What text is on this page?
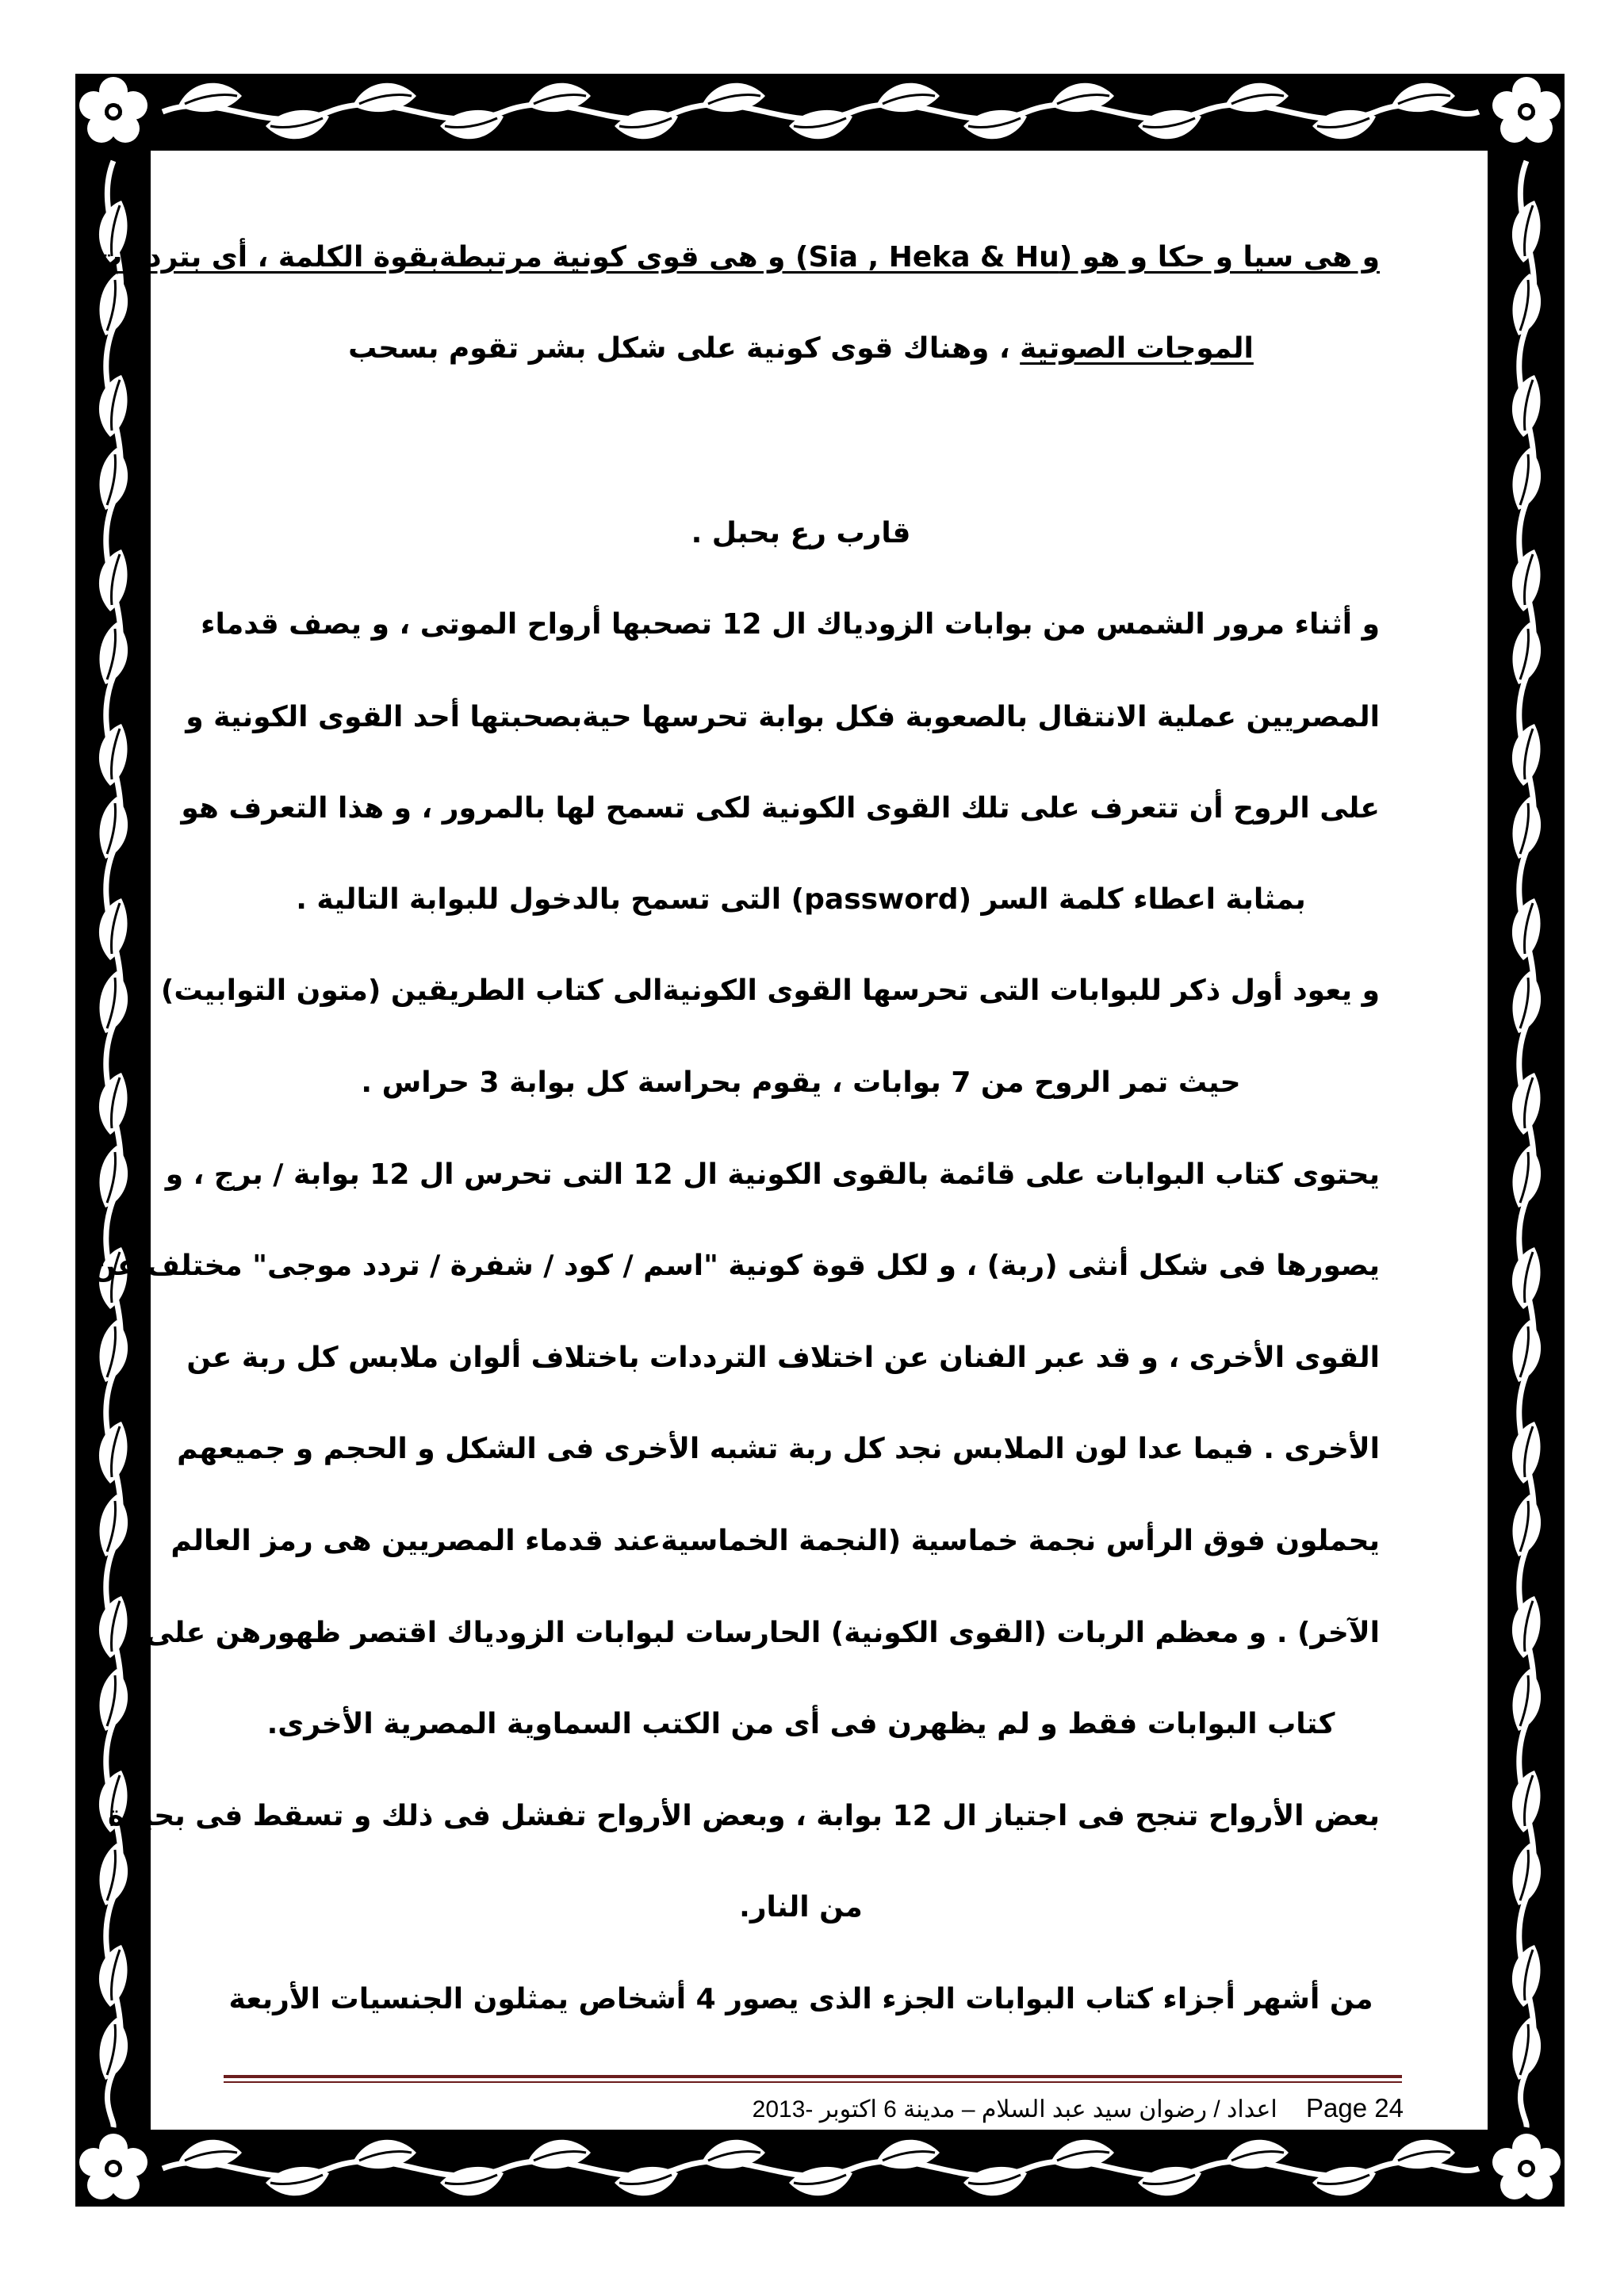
و هى سيا و حكا و هو (Sia , Heka & Hu) و هى قوى كونية مرتبطةبقوة الكلمة ، أى بترددات
الموجات الصوتية ، وهناك قوى كونية على شكل بشر تقوم بسحب
قارب رع بحبل .
و أثناء مرور الشمس من بوابات الزودياك ال 12 تصحبها أرواح الموتى ، و يصف قدماء
المصريين عملية الانتقال بالصعوبة فكل بوابة تحرسها حيةبصحبتها أحد القوى الكونية و
على الروح أن تتعرف على تلك القوى الكونية لكى تسمح لها بالمرور ، و هذا التعرف هو
بمثابة اعطاء كلمة السر (password) التى تسمح بالدخول للبوابة التالية .
و يعود أول ذكر للبوابات التى تحرسها القوى الكونيةالى كتاب الطريقين (متون التوابيت)
حيث تمر الروح من 7 بوابات ، يقوم بحراسة كل بوابة 3 حراس .
يحتوى كتاب البوابات على قائمة بالقوى الكونية ال 12 التى تحرس ال 12 بوابة / برج ، و
يصورها فى شكل أنثى (ربة) ، و لكل قوة كونية "اسم / كود / شفرة / تردد موجى" مختلف عن
القوى الأخرى ، و قد عبر الفنان عن اختلاف الترددات باختلاف ألوان ملابس كل ربة عن
الأخرى . فيما عدا لون الملابس نجد كل ربة تشبه الأخرى فى الشكل و الحجم و جميعهم
يحملون فوق الرأس نجمة خماسية (النجمة الخماسيةعند قدماء المصريين هى رمز العالم
الآخر) . و معظم الربات (القوى الكونية) الحارسات لبوابات الزودياك اقتصر ظهورهن على
كتاب البوابات فقط و لم يظهرن فى أى من الكتب السماوية المصرية الأخرى.
بعض الأرواح تنجح فى اجتياز ال 12 بوابة ، وبعض الأرواح تفشل فى ذلك و تسقط فى بحيرة
من النار.
من أشهر أجزاء كتاب البوابات الجزء الذى يصور 4 أشخاص يمثلون الجنسيات الأربعة
Page 24 اعداد / رضوان سيد عبد السلام – مدينة 6 اكتوبر -2013
